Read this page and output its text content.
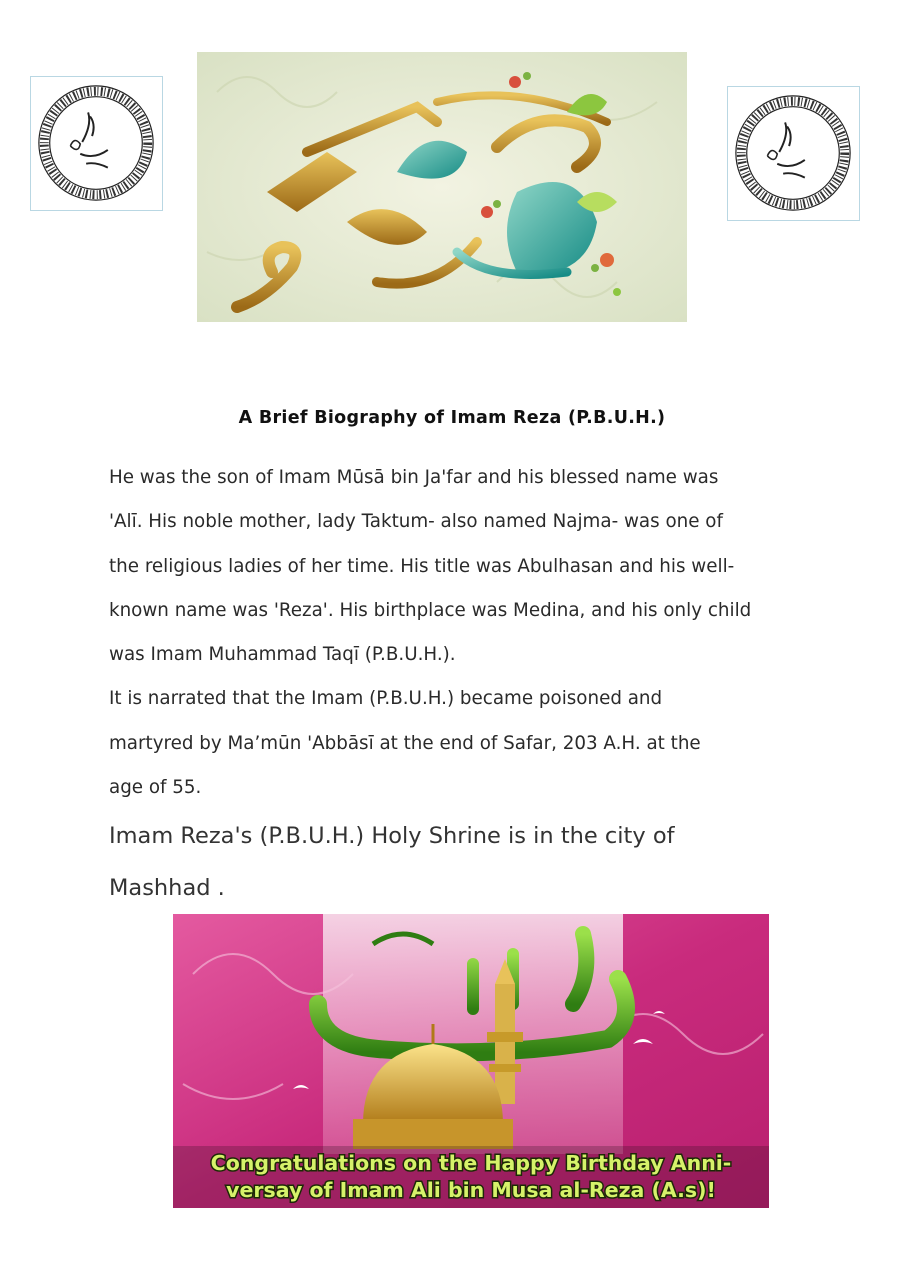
A Brief Biography of Imam Reza (P.B.U.H.)
He was the son of Imam Mūsā bin Ja'far and his blessed name was
'Alī. His noble mother, lady Taktum- also named Najma- was one of
the religious ladies of her time. His title was Abulhasan and his well-
known name was 'Reza'. His birthplace was Medina, and his only child
was Imam Muhammad Taqī (P.B.U.H.).
It is narrated that the Imam (P.B.U.H.) became poisoned and
martyred by Ma’mūn 'Abbāsī at the end of Safar, 203 A.H. at the
age of 55.
Imam Reza's (P.B.U.H.) Holy Shrine is in the city of
Mashhad .
Congratulations on the Happy Birthday Anni-
versay of Imam Ali bin Musa al-Reza (A.s)!
